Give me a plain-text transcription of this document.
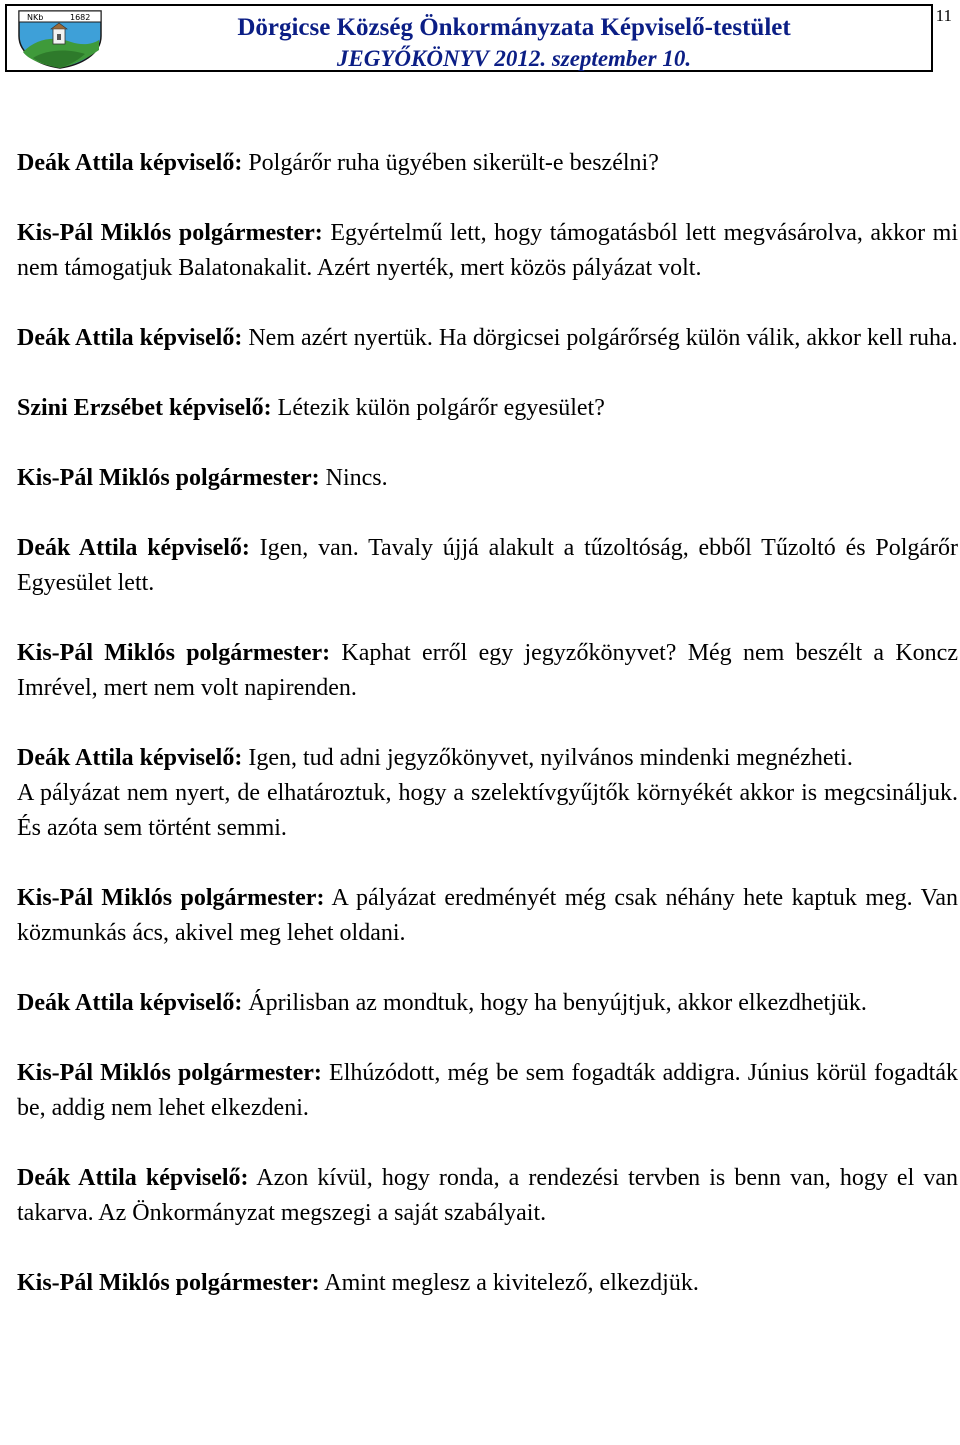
NKb	1682	Dörgicse Község Önkormányzata Képviselő-testület
JEGYŐKÖNYV 2012. szeptember 10.
11

Deák Attila képviselő: Polgárőr ruha ügyében sikerült-e beszélni?

Kis-Pál Miklós polgármester: Egyértelmű lett, hogy támogatásból lett megvásárolva, akkor mi nem támogatjuk Balatonakalit. Azért nyerték, mert közös pályázat volt.

Deák Attila képviselő: Nem azért nyertük. Ha dörgicsei polgárőrség külön válik, akkor kell ruha.

Szini Erzsébet képviselő: Létezik külön polgárőr egyesület?

Kis-Pál Miklós polgármester: Nincs.

Deák Attila képviselő: Igen, van. Tavaly újjá alakult a tűzoltóság, ebből Tűzoltó és Polgárőr Egyesület lett.

Kis-Pál Miklós polgármester: Kaphat erről egy jegyzőkönyvet? Még nem beszélt a Koncz Imrével, mert nem volt napirenden.

Deák Attila képviselő: Igen, tud adni jegyzőkönyvet, nyilvános mindenki megnézheti.

A pályázat nem nyert, de elhatároztuk, hogy a szelektívgyűjtők környékét akkor is megcsináljuk. És azóta sem történt semmi.

Kis-Pál Miklós polgármester: A pályázat eredményét még csak néhány hete kaptuk meg. Van közmunkás ács, akivel meg lehet oldani.

Deák Attila képviselő: Áprilisban az mondtuk, hogy ha benyújtjuk, akkor elkezdhetjük.

Kis-Pál Miklós polgármester: Elhúzódott, még be sem fogadták addigra. Június körül fogadták be, addig nem lehet elkezdeni.

Deák Attila képviselő: Azon kívül, hogy ronda, a rendezési tervben is benn van, hogy el van takarva. Az Önkormányzat megszegi a saját szabályait.

Kis-Pál Miklós polgármester: Amint meglesz a kivitelező, elkezdjük.
